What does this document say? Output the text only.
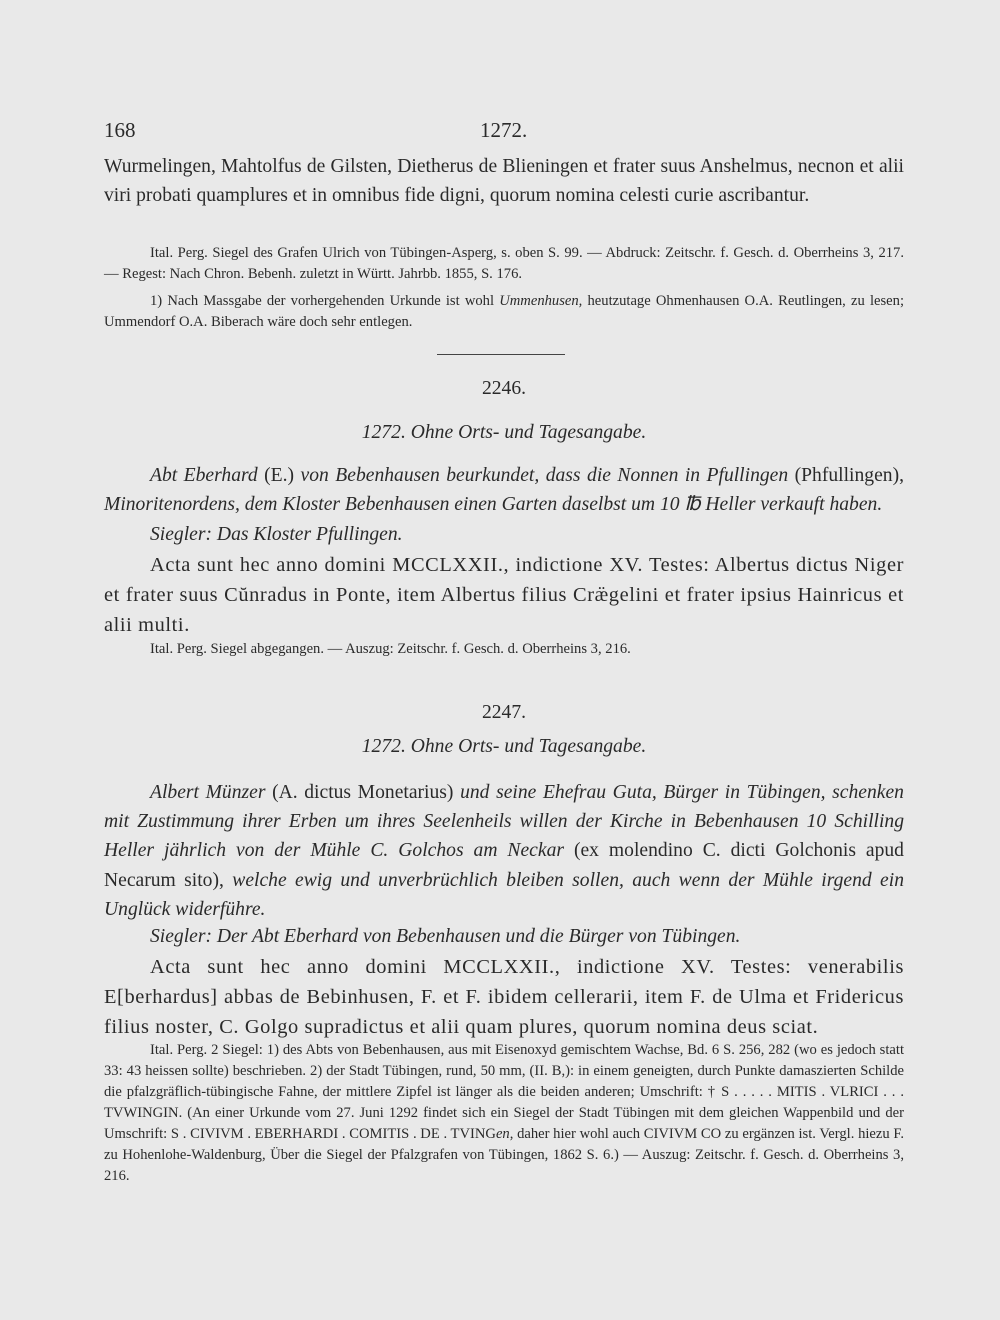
168	1272.

Wurmelingen, Mahtolfus de Gilsten, Dietherus de Blieningen et frater suus Anshelmus, necnon et alii viri probati quamplures et in omnibus fide digni, quorum nomina celesti curie ascribantur.

Ital. Perg. Siegel des Grafen Ulrich von Tübingen-Asperg, s. oben S. 99. — Abdruck: Zeitschr. f. Gesch. d. Oberrheins 3, 217. — Regest: Nach Chron. Bebenh. zuletzt in Württ. Jahrbb. 1855, S. 176.

1) Nach Massgabe der vorhergehenden Urkunde ist wohl Ummenhusen, heutzutage Ohmenhausen O.A. Reutlingen, zu lesen; Ummendorf O.A. Biberach wäre doch sehr entlegen.

2246.
1272. Ohne Orts- und Tagesangabe.

Abt Eberhard (E.) von Bebenhausen beurkundet, dass die Nonnen in Pfullingen (Phfullingen), Minoritenordens, dem Kloster Bebenhausen einen Garten daselbst um 10 ℔ Heller verkauft haben.

Siegler: Das Kloster Pfullingen.

Acta sunt hec anno domini MCCLXXII., indictione XV. Testes: Albertus dictus Niger et frater suus Cŭnradus in Ponte, item Albertus filius Cræ̈gelini et frater ipsius Hainricus et alii multi.

Ital. Perg. Siegel abgegangen. — Auszug: Zeitschr. f. Gesch. d. Oberrheins 3, 216.

2247.
1272. Ohne Orts- und Tagesangabe.

Albert Münzer (A. dictus Monetarius) und seine Ehefrau Guta, Bürger in Tübingen, schenken mit Zustimmung ihrer Erben um ihres Seelenheils willen der Kirche in Bebenhausen 10 Schilling Heller jährlich von der Mühle C. Golchos am Neckar (ex molendino C. dicti Golchonis apud Necarum sito), welche ewig und unverbrüchlich bleiben sollen, auch wenn der Mühle irgend ein Unglück widerführe.

Siegler: Der Abt Eberhard von Bebenhausen und die Bürger von Tübingen.

Acta sunt hec anno domini MCCLXXII., indictione XV. Testes: venerabilis E[berhardus] abbas de Bebinhusen, F. et F. ibidem cellerarii, item F. de Ulma et Fridericus filius noster, C. Golgo supradictus et alii quam plures, quorum nomina deus sciat.

Ital. Perg. 2 Siegel: 1) des Abts von Bebenhausen, aus mit Eisenoxyd gemischtem Wachse, Bd. 6 S. 256, 282 (wo es jedoch statt 33: 43 heissen sollte) beschrieben. 2) der Stadt Tübingen, rund, 50 mm, (II. B,): in einem geneigten, durch Punkte damaszierten Schilde die pfalzgräflich-tübingische Fahne, der mittlere Zipfel ist länger als die beiden anderen; Umschrift: † S . . . . . MITIS . VLRICI . . . TVWINGIN. (An einer Urkunde vom 27. Juni 1292 findet sich ein Siegel der Stadt Tübingen mit dem gleichen Wappenbild und der Umschrift: S . CIVIVM . EBERHARDI . COMITIS . DE . TVINGen, daher hier wohl auch CIVIVM CO zu ergänzen ist. Vergl. hiezu F. zu Hohenlohe-Waldenburg, Über die Siegel der Pfalzgrafen von Tübingen, 1862 S. 6.) — Auszug: Zeitschr. f. Gesch. d. Oberrheins 3, 216.
